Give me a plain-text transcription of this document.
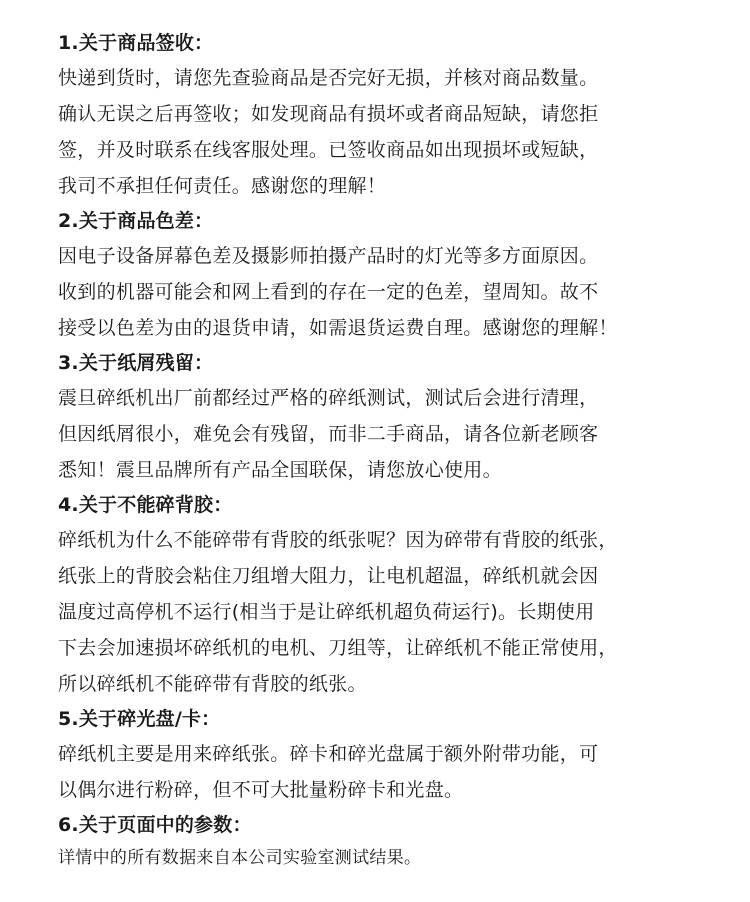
1.关于商品签收：
快递到货时，请您先查验商品是否完好无损，并核对商品数量。
确认无误之后再签收；如发现商品有损坏或者商品短缺，请您拒
签，并及时联系在线客服处理。已签收商品如出现损坏或短缺，
我司不承担任何责任。感谢您的理解！
2.关于商品色差：
因电子设备屏幕色差及摄影师拍摄产品时的灯光等多方面原因。
收到的机器可能会和网上看到的存在一定的色差，望周知。故不
接受以色差为由的退货申请，如需退货运费自理。感谢您的理解！
3.关于纸屑残留：
震旦碎纸机出厂前都经过严格的碎纸测试，测试后会进行清理，
但因纸屑很小，难免会有残留，而非二手商品，请各位新老顾客
悉知！震旦品牌所有产品全国联保，请您放心使用。
4.关于不能碎背胶：
碎纸机为什么不能碎带有背胶的纸张呢？因为碎带有背胶的纸张，
纸张上的背胶会粘住刀组增大阻力，让电机超温，碎纸机就会因
温度过高停机不运行(相当于是让碎纸机超负荷运行)。长期使用
下去会加速损坏碎纸机的电机、刀组等，让碎纸机不能正常使用，
所以碎纸机不能碎带有背胶的纸张。
5.关于碎光盘/卡：
碎纸机主要是用来碎纸张。碎卡和碎光盘属于额外附带功能，可
以偶尔进行粉碎，但不可大批量粉碎卡和光盘。
6.关于页面中的参数：
详情中的所有数据来自本公司实验室测试结果。
